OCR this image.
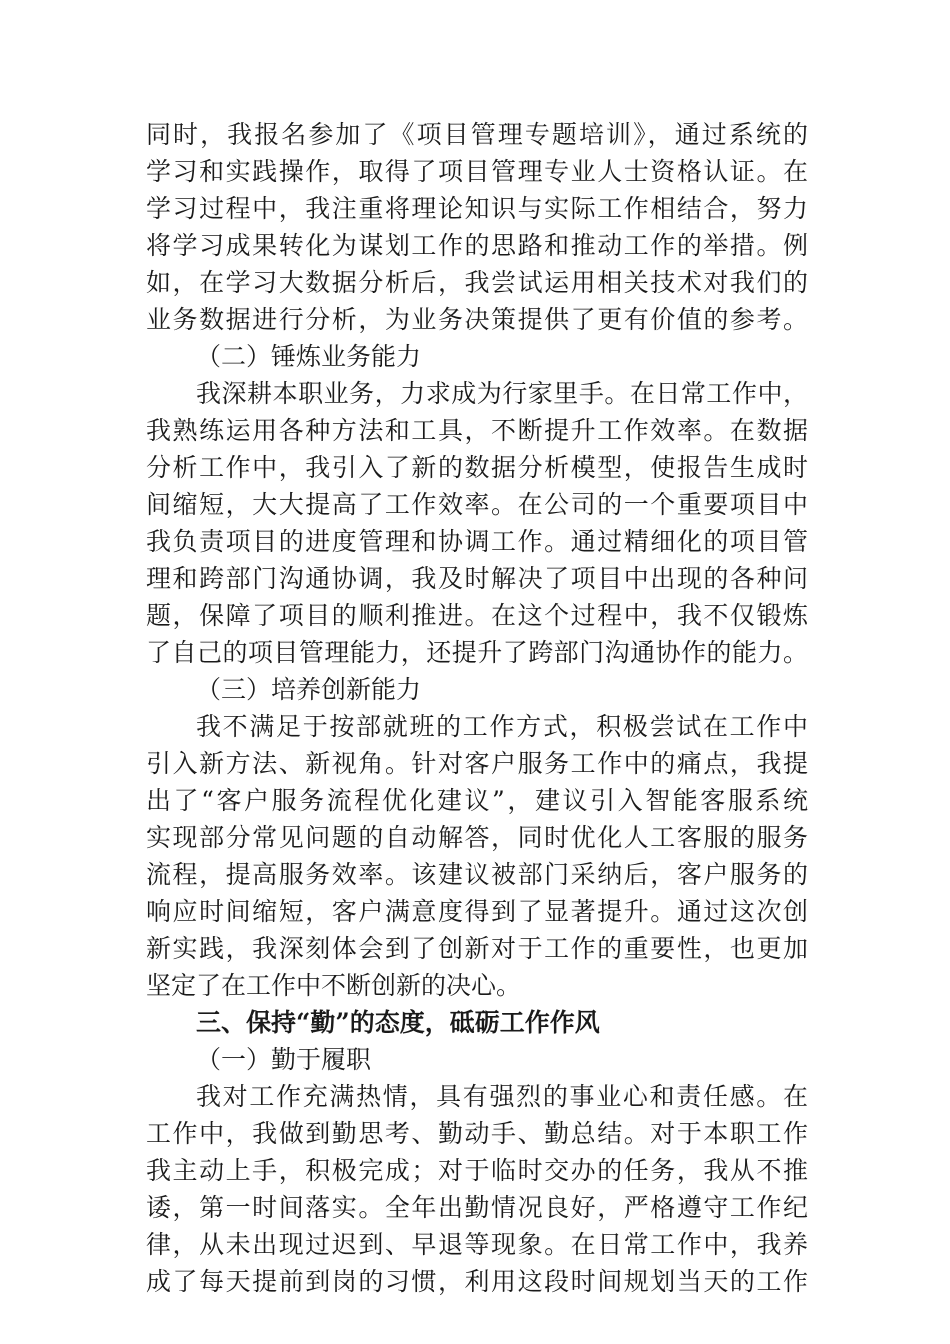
同时，我报名参加了《项目管理专题培训》，通过系统的
学习和实践操作，取得了项目管理专业人士资格认证。在
学习过程中，我注重将理论知识与实际工作相结合，努力
将学习成果转化为谋划工作的思路和推动工作的举措。例
如，在学习大数据分析后，我尝试运用相关技术对我们的
业务数据进行分析，为业务决策提供了更有价值的参考。
（二）锤炼业务能力
我深耕本职业务，力求成为行家里手。在日常工作中，
我熟练运用各种方法和工具，不断提升工作效率。在数据
分析工作中，我引入了新的数据分析模型，使报告生成时
间缩短，大大提高了工作效率。在公司的一个重要项目中
我负责项目的进度管理和协调工作。通过精细化的项目管
理和跨部门沟通协调，我及时解决了项目中出现的各种问
题，保障了项目的顺利推进。在这个过程中，我不仅锻炼
了自己的项目管理能力，还提升了跨部门沟通协作的能力。
（三）培养创新能力
我不满足于按部就班的工作方式，积极尝试在工作中
引入新方法、新视角。针对客户服务工作中的痛点，我提
出了“客户服务流程优化建议”，建议引入智能客服系统
实现部分常见问题的自动解答，同时优化人工客服的服务
流程，提高服务效率。该建议被部门采纳后，客户服务的
响应时间缩短，客户满意度得到了显著提升。通过这次创
新实践，我深刻体会到了创新对于工作的重要性，也更加
坚定了在工作中不断创新的决心。
三、保持“勤”的态度，砥砺工作作风
（一）勤于履职
我对工作充满热情，具有强烈的事业心和责任感。在
工作中，我做到勤思考、勤动手、勤总结。对于本职工作
我主动上手，积极完成；对于临时交办的任务，我从不推
诿，第一时间落实。全年出勤情况良好，严格遵守工作纪
律，从未出现过迟到、早退等现象。在日常工作中，我养
成了每天提前到岗的习惯，利用这段时间规划当天的工作
